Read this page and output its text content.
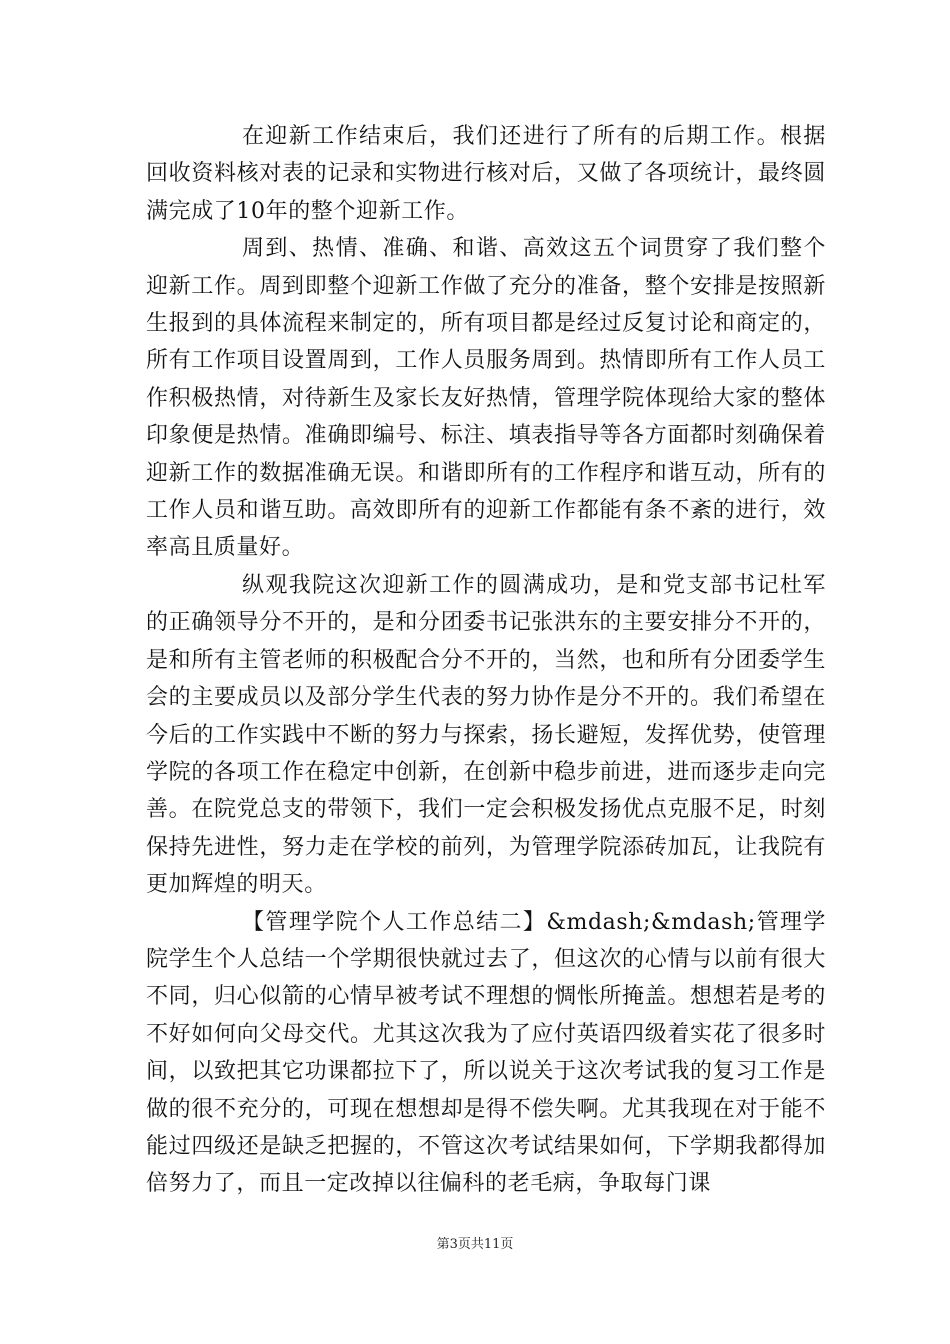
在迎新工作结束后，我们还进行了所有的后期工作。根据回收资料核对表的记录和实物进行核对后，又做了各项统计，最终圆满完成了10年的整个迎新工作。

周到、热情、准确、和谐、高效这五个词贯穿了我们整个迎新工作。周到即整个迎新工作做了充分的准备，整个安排是按照新生报到的具体流程来制定的，所有项目都是经过反复讨论和商定的，所有工作项目设置周到，工作人员服务周到。热情即所有工作人员工作积极热情，对待新生及家长友好热情，管理学院体现给大家的整体印象便是热情。准确即编号、标注、填表指导等各方面都时刻确保着迎新工作的数据准确无误。和谐即所有的工作程序和谐互动，所有的工作人员和谐互助。高效即所有的迎新工作都能有条不紊的进行，效率高且质量好。

纵观我院这次迎新工作的圆满成功，是和党支部书记杜军的正确领导分不开的，是和分团委书记张洪东的主要安排分不开的，是和所有主管老师的积极配合分不开的，当然，也和所有分团委学生会的主要成员以及部分学生代表的努力协作是分不开的。我们希望在今后的工作实践中不断的努力与探索，扬长避短，发挥优势，使管理学院的各项工作在稳定中创新，在创新中稳步前进，进而逐步走向完善。在院党总支的带领下，我们一定会积极发扬优点克服不足，时刻保持先进性，努力走在学校的前列，为管理学院添砖加瓦，让我院有更加辉煌的明天。

【管理学院个人工作总结二】&mdash;&mdash;管理学院学生个人总结一个学期很快就过去了，但这次的心情与以前有很大不同，归心似箭的心情早被考试不理想的惆怅所掩盖。想想若是考的不好如何向父母交代。尤其这次我为了应付英语四级着实花了很多时间，以致把其它功课都拉下了，所以说关于这次考试我的复习工作是做的很不充分的，可现在想想却是得不偿失啊。尤其我现在对于能不能过四级还是缺乏把握的，不管这次考试结果如何，下学期我都得加倍努力了，而且一定改掉以往偏科的老毛病，争取每门课

第3页共11页
